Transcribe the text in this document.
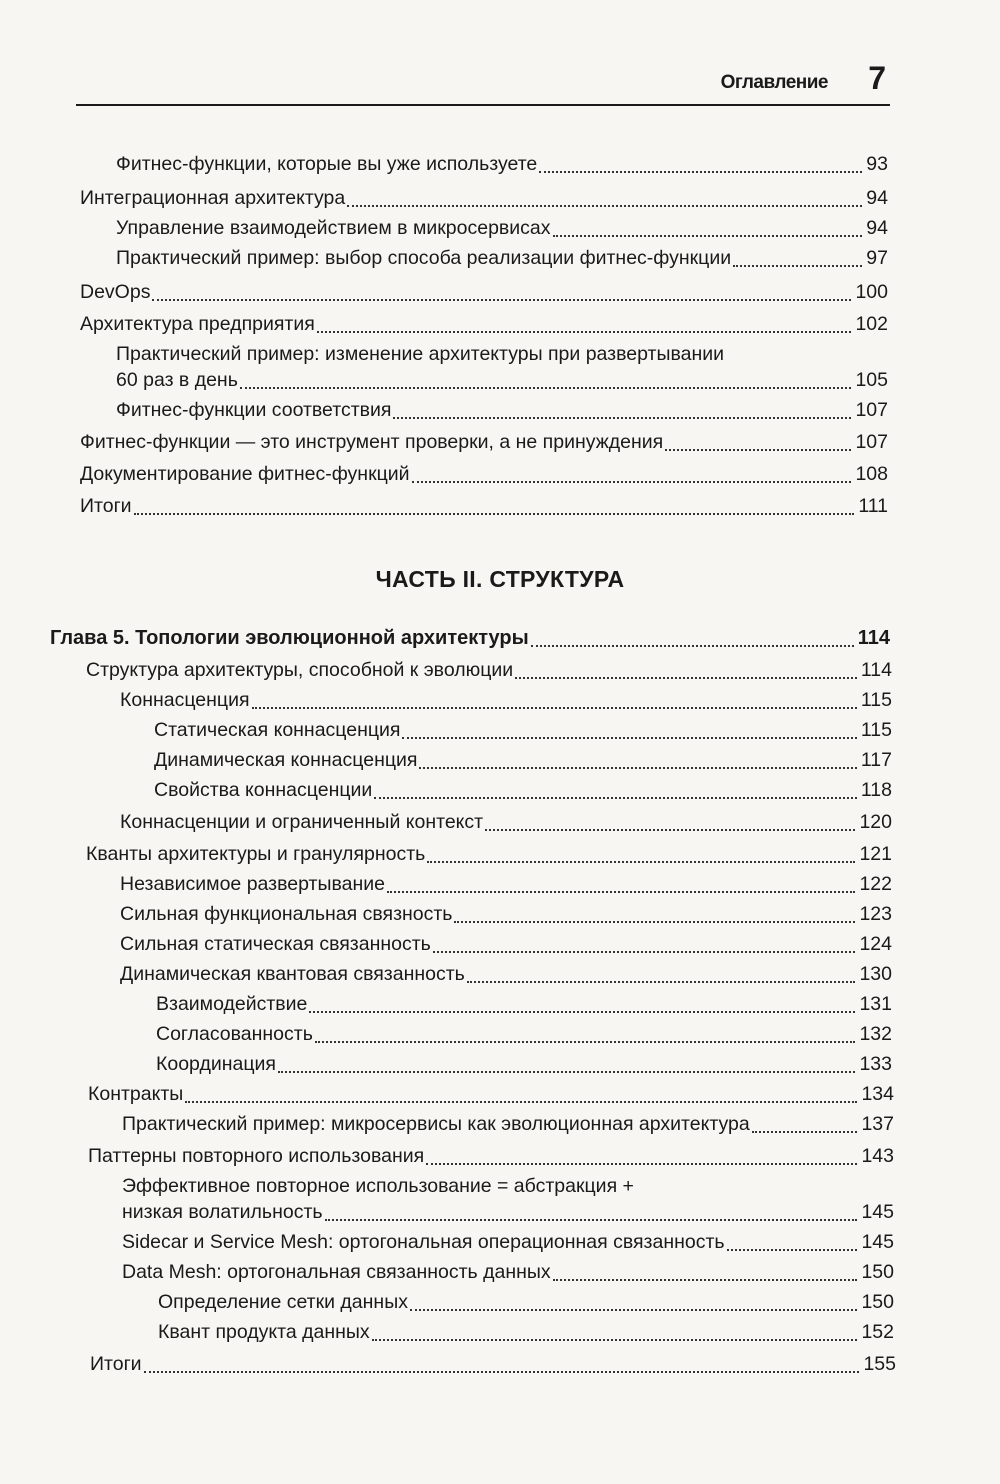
Оглавление 7
ЧАСТЬ II. СТРУКТУРА
Фитнес-функции, которые вы уже используете	93
Интеграционная архитектура	94
Управление взаимодействием в микросервисах	94
Практический пример: выбор способа реализации фитнес-функции	97
DevOps	100
Архитектура предприятия	102
Практический пример: изменение архитектуры при развертывании
60 раз в день	105
Фитнес-функции соответствия	107
Фитнес-функции — это инструмент проверки, а не принуждения	107
Документирование фитнес-функций	108
Итоги	111
Глава 5. Топологии эволюционной архитектуры	114
Структура архитектуры, способной к эволюции	114
Коннасценция	115
Статическая коннасценция	115
Динамическая коннасценция	117
Свойства коннасценции	118
Коннасценции и ограниченный контекст	120
Кванты архитектуры и гранулярность	121
Независимое развертывание	122
Сильная функциональная связность	123
Сильная статическая связанность	124
Динамическая квантовая связанность	130
Взаимодействие	131
Согласованность	132
Координация	133
Контракты	134
Практический пример: микросервисы как эволюционная архитектура	137
Паттерны повторного использования	143
Эффективное повторное использование = абстракция +
низкая волатильность	145
Sidecar и Service Mesh: ортогональная операционная связанность	145
Data Mesh: ортогональная связанность данных	150
Определение сетки данных	150
Квант продукта данных	152
Итоги	155
